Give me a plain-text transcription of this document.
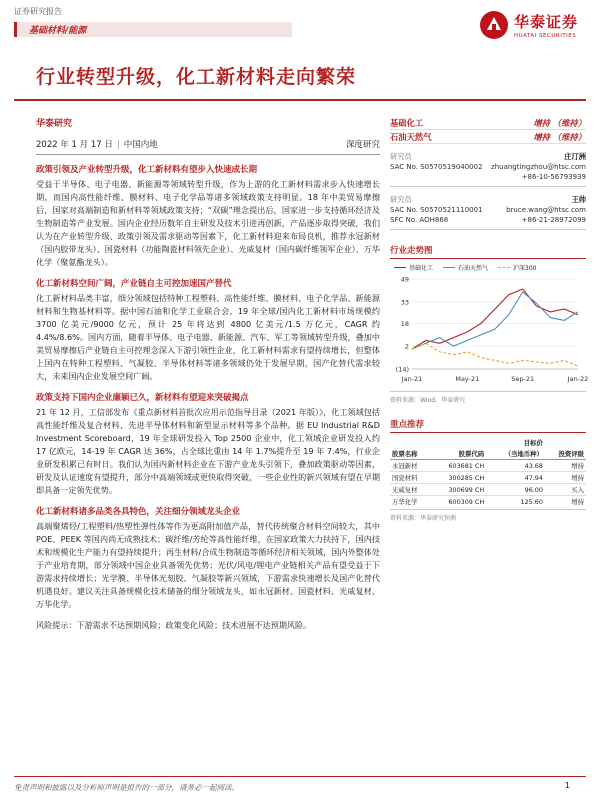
证券研究报告
华泰证券
HUATAI SECURITIES
基础材料/能源
行业转型升级，化工新材料走向繁荣
华泰研究
2022 年 1 月 17 日 | 中国内地	深度研究
政策引领及产业转型升级，化工新材料有望步入快速成长期
受益于半导体、电子电器、新能源等领域转型升级，作为上游的化工新材料需求步入快速增长期，而国内高性能纤维、膜材料、电子化学品等诸多领域政策支持明显。18 年中美贸易摩擦后，国家对高端制造和新材料等领域政策支持；“双碳”理念提出后，国家进一步支持循环经济及生物制造等产业发展。国内企业经历数年自主研发及技术引进再创新，产品逐步取得突破，我们认为在产业转型升级、政策引领及需求驱动等因素下，化工新材料迎来布局良机，推荐永冠新材（国内胶带龙头）、国瓷材料（功能陶瓷材料领先企业）、光威复材（国内碳纤维领军企业）、万华化学（聚氨酯龙头）。
化工新材料空间广阔，产业链自主可控加速国产替代
化工新材料品类丰富，细分领域包括特种工程塑料、高性能纤维、膜材料、电子化学品、新能源材料和生物基材料等。据中国石油和化学工业联合会，19 年全球/国内化工新材料市场规模约 3700 亿美元/9000 亿元，预计 25 年将达到 4800 亿美元/1.5 万亿元，CAGR 约 4.4%/8.6%。国内方面，随着半导体、电子电器、新能源、汽车、军工等领域转型升级，叠加中美贸易摩擦后产业链自主可控理念深入下游引领性企业，化工新材料需求有望持续增长，但整体上国内在特种工程塑料、气凝胶、半导体材料等诸多领域仍处于发展早期，国产化替代需求较大，未来国内企业发展空间广阔。
政策支持下国内企业廉颖已久，新材料有望迎来突破揭点
21 年 12 月，工信部发布《重点新材料首批次应用示范指导目录（2021 年版）》，化工领域包括高性能纤维及复合材料、先进半导体材料和新型显示材料等多个品种。据 EU Industrial R&D Investment Scoreboard，19 年全球研发投入 Top 2500 企业中，化工领域企业研发投入约 17 亿欧元，14-19 年 CAGR 达 36%，占全球比重由 14 年 1.7%提升至 19 年 7.4%，行业企业研发积累已有时日。我们认为国内新材料企业在下游产业龙头引领下，叠加政策驱动等因素，研发及认证速度有望提升，部分中高端领域或更快取得突破，一些企业性的新兴领域有望在早期即具备一定领先优势。
化工新材料诸多品类各具特色，关注细分领域龙头企业
高端聚烯烃/工程塑料/热塑性弹性体等作为更高附加值产品，替代传统聚合材料空间较大，其中 POE、PEEK 等国内尚无成熟技术；碳纤维/芳纶等高性能纤维，在国家政策大力扶持下，国内技术和规模化生产能力有望持续提升；再生材料/合成生物制造等循环经济相关领域，国内外整体处于产业培育期，部分领域中国企业具备领先优势；光伏/风电/锂电产业链相关产品有望受益于下游需求持续增长；光学膜、半导体光刻胶、气凝胶等新兴领域，下游需求快速增长及国产化替代机遇良好。建议关注具备规模化技术储备的细分领域龙头，如永冠新材、国瓷材料、光威复材、万华化学。
风险提示：下游需求不达预期风险；政策变化风险；技术进展不达预期风险。
基础化工	增持 （维持）
石油天然气	增持 （维持）
研究员	庄汀洲
SAC No. S0570519040002 zhuangtingzhou@htsc.com
+86-10-56793939
研究员	王帅
SAC No. S0570521110001	bruce.wang@htsc.com
SFC No. AOH868	+86-21-28972099
行业走势图
基础化工	石油天然气	沪深300
49
33
18
2
(14)
Jan-21	May-21	Sep-21	Jan-22
资料来源：Wind，华泰研究
重点推荐
		目标价	
股票名称	股票代码	（当地币种）	投资评级
永冠新材	603681 CH	43.68	增持
国瓷材料	300285 CH	47.94	增持
光威复材	300699 CH	96.00	买入
万华化学	600309 CH	125.60	增持
资料来源：华泰研究预测
免责声明和披露以及分析师声明是报告的一部分，请务必一起阅读。	1
